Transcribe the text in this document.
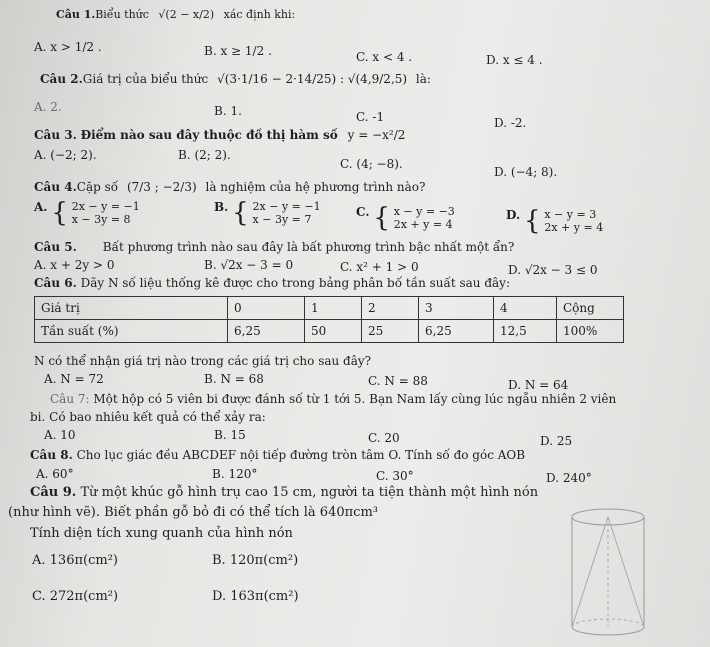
Câu 1.Biểu thức √(2 − x/2) xác định khi:
A. x > 1/2 .	B. x ≥ 1/2 .	C. x < 4 .	D. x ≤ 4 .
Câu 2.Giá trị của biểu thức √(3·1/16 − 2·14/25) : √(4,9/2,5) là:
A. 2.	B. 1.	C. -1	D. -2.
Câu 3. Điểm nào sau đây thuộc đồ thị hàm số y = −x²/2
A. (−2; 2).	B. (2; 2).
C. (4; −8).
D. (−4; 8).
Câu 4.Cặp số (7/3 ; −2/3) là nghiệm của hệ phương trình nào?
A. { 2x − y = −1
x − 3y = 8
B. { 2x − y = −1
x − 3y = 7
C. { x − y = −3
2x + y = 4
D. { x − y = 3
2x + y = 4
Câu 5. Bất phương trình nào sau đây là bất phương trình bậc nhất một ẩn?
A. x + 2y > 0	B. √2x − 3 = 0	C. x² + 1 > 0	D. √2x − 3 ≤ 0
Câu 6. Dãy N số liệu thống kê được cho trong bảng phân bố tần suất sau đây:
Giá trị	0	1	2	3	4	Cộng
Tần suất (%)	6,25	50	25	6,25	12,5	100%
N có thể nhận giá trị nào trong các giá trị cho sau đây?
A. N = 72	B. N = 68	C. N = 88	D. N = 64
Câu 7: Một hộp có 5 viên bi được đánh số từ 1 tới 5. Bạn Nam lấy cùng lúc ngẫu nhiên 2 viên
bi. Có bao nhiêu kết quả có thể xảy ra:
A. 10	B. 15	C. 20	D. 25
Câu 8. Cho lục giác đều ABCDEF nội tiếp đường tròn tâm O. Tính số đo góc AOB
A. 60°	B. 120°	C. 30°	D. 240°
Câu 9. Từ một khúc gỗ hình trụ cao 15 cm, người ta tiện thành một hình nón
(như hình vẽ). Biết phần gỗ bỏ đi có thể tích là 640πcm³
Tính diện tích xung quanh của hình nón
A. 136π(cm²)	B. 120π(cm²)
C. 272π(cm²)	D. 163π(cm²)
